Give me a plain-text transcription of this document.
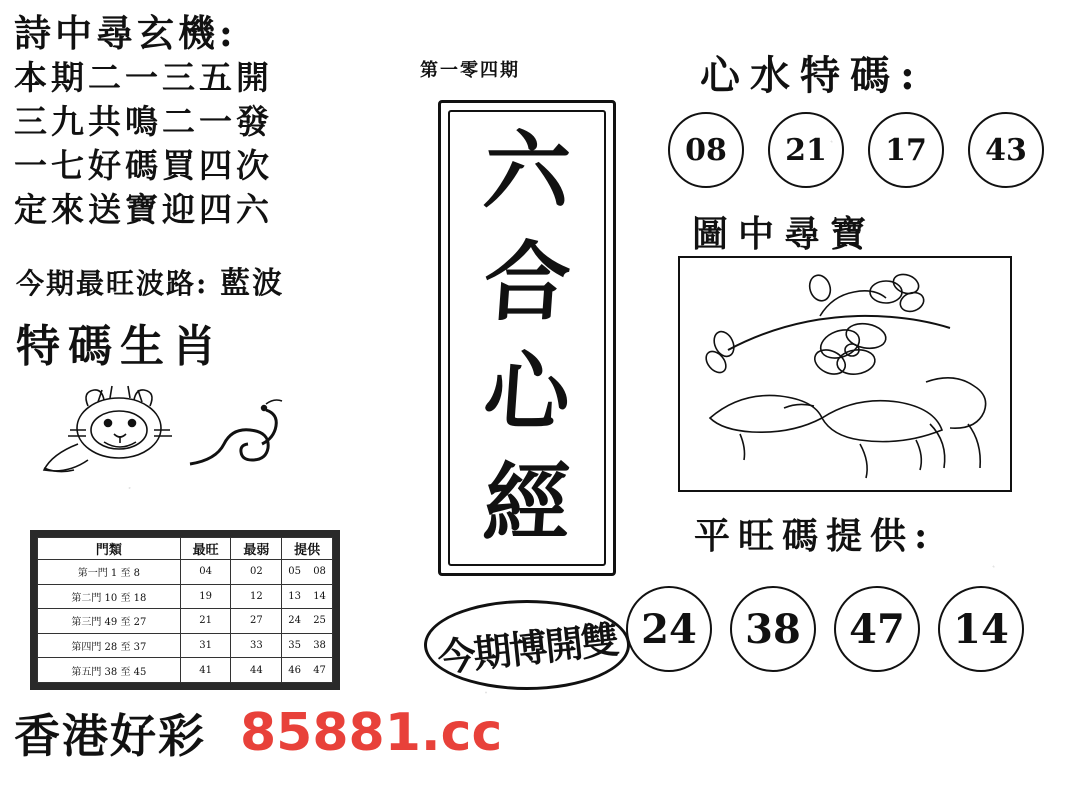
詩中尋玄機:
本期二一三五開
三九共鳴二一發
一七好碼買四次
定來送寶迎四六
今期最旺波路: 藍波
特碼生肖
門類	最旺	最弱	提供
第一門 1 至 8	04	02	05 08

第二門 10 至 18	19	12	13 14

第三門 49 至 27	21	27	24 25

第四門 28 至 37	31	33	35 38

第五門 38 至 45	41	44	46 47
第一零四期
六
合
心
經
今期博開雙
心水特碼:
08	21	17	43
圖中尋寶
平旺碼提供:
24	38	47	14
香港好彩 85881.cc
